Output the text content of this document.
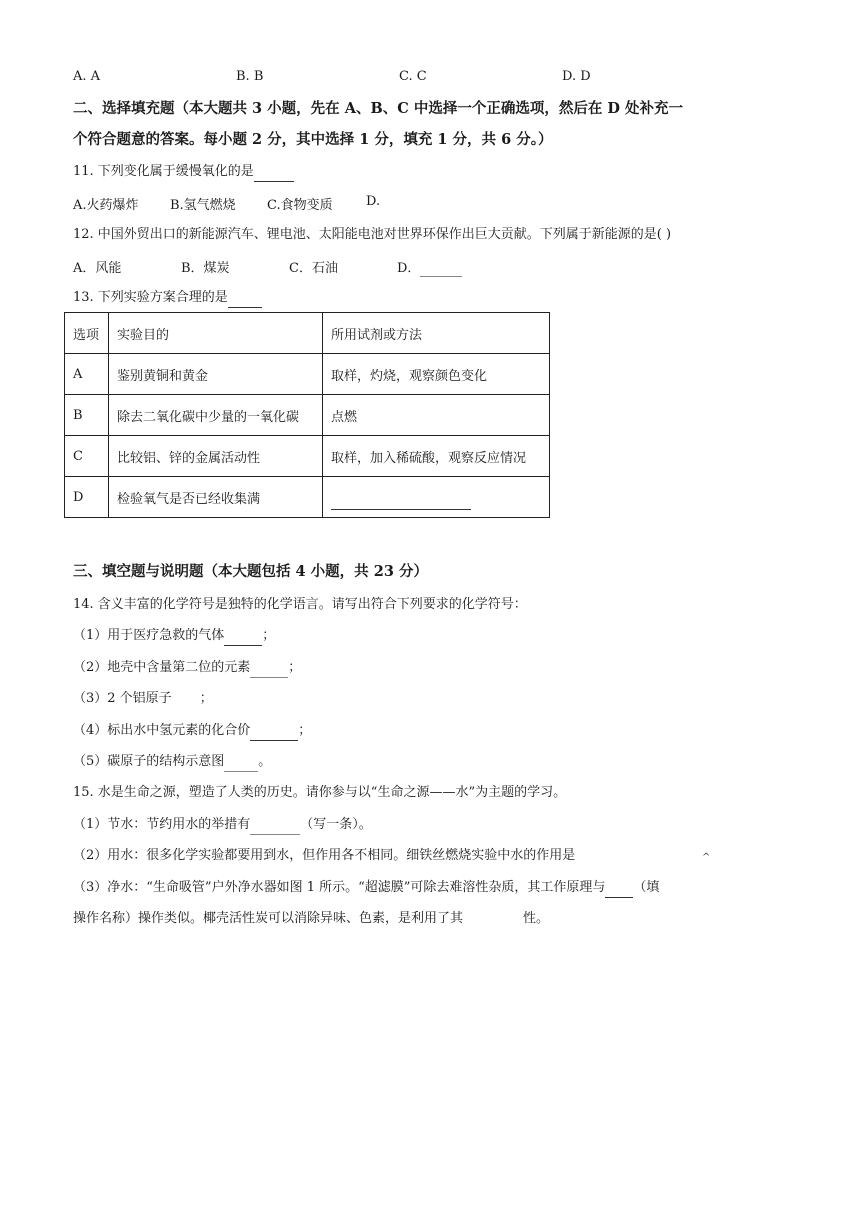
A. A	B. B	C. C	D. D
二、选择填充题（本大题共 3 小题，先在 A、B、C 中选择一个正确选项，然后在 D 处补充一
个符合题意的答案。每小题 2 分，其中选择 1 分，填充 1 分，共 6 分。）
11. 下列变化属于缓慢氧化的是
A.火药爆炸 B.氢气燃烧 C.食物变质	D.
12. 中国外贸出口的新能源汽车、锂电池、太阳能电池对世界环保作出巨大贡献。下列属于新能源的是( )
A．风能	B．煤炭	C．石油	D．
13. 下列实验方案合理的是
选项	实验目的	所用试剂或方法
A	鉴别黄铜和黄金	取样，灼烧，观察颜色变化
B	除去二氧化碳中少量的一氧化碳	点燃
C	比较铝、锌的金属活动性	取样，加入稀硫酸，观察反应情况
D	检验氧气是否已经收集满	
三、填空题与说明题（本大题包括 4 小题，共 23 分）
14. 含义丰富的化学符号是独特的化学语言。请写出符合下列要求的化学符号：
（1）用于医疗急救的气体	；
（2）地壳中含量第二位的元素	；
（3）2 个铝原子 ；
（4）标出水中氢元素的化合价	；
（5）碳原子的结构示意图	。
15. 水是生命之源，塑造了人类的历史。请你参与以“生命之源——水”为主题的学习。
（1）节水：节约用水的举措有	（写一条）。
（2）用水：很多化学实验都要用到水，但作用各不相同。细铁丝燃烧实验中水的作用是	^
（3）净水：“生命吸管”户外净水器如图 1 所示。“超滤膜”可除去难溶性杂质，其工作原理与 （填
操作名称）操作类似。椰壳活性炭可以消除异味、色素，是利用了其	性。
